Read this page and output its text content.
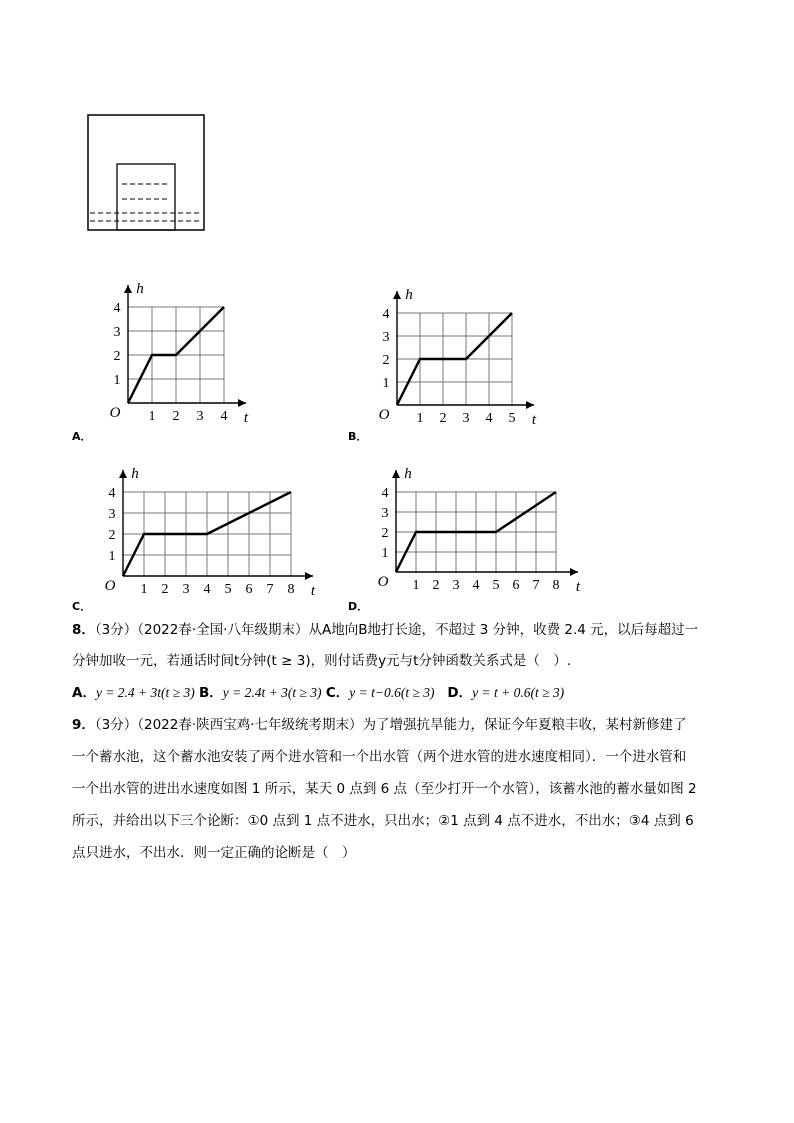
1 2 3 4
1
2
3
4
O	t
h
A．
1 2 3 4 5
1
2
3
4
O	t
h
B．
1 2 3 4 5 6 7 8
1
2
3
4
O	t
h
C．
1 2 3 4 5 6 7 8
1
2
3
4
O	t
h
D．
8．（3分）（2022春·全国·八年级期末）从A地向B地打长途，不超过 3 分钟，收费 2.4 元，以后每超过一
分钟加收一元，若通话时间t分钟(t ≥ 3)，则付话费y元与t分钟函数关系式是（　）.
A．y = 2.4 + 3t(t ≥ 3) B．y = 2.4t + 3(t ≥ 3) C．y = t−0.6(t ≥ 3) D．y = t + 0.6(t ≥ 3)
9．（3分）（2022春·陕西宝鸡·七年级统考期末）为了增强抗旱能力，保证今年夏粮丰收，某村新修建了
一个蓄水池，这个蓄水池安装了两个进水管和一个出水管（两个进水管的进水速度相同）．一个进水管和
一个出水管的进出水速度如图 1 所示，某天 0 点到 6 点（至少打开一个水管），该蓄水池的蓄水量如图 2
所示，并给出以下三个论断：①0 点到 1 点不进水，只出水；②1 点到 4 点不进水，不出水；③4 点到 6
点只进水，不出水．则一定正确的论断是（　）
